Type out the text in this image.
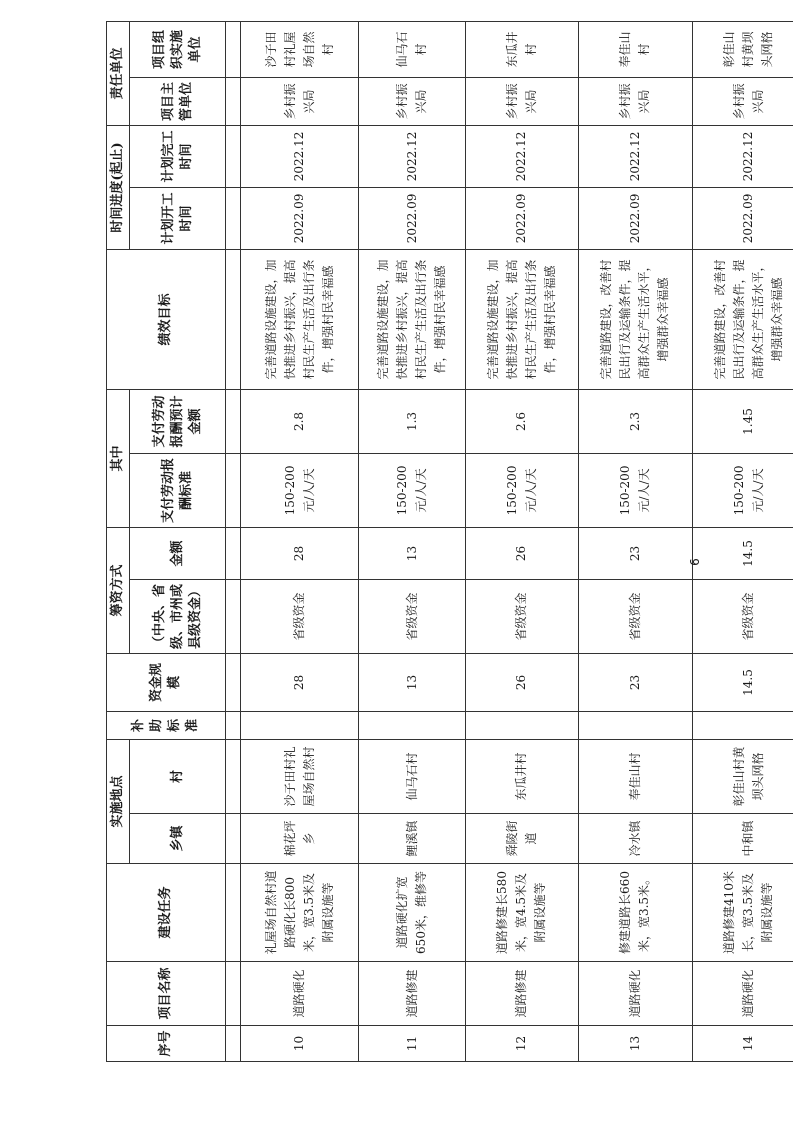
序号	项目名称	建设任务	实施地点		补助标准	资金规模	筹资方式		其中		绩效目标	时间进度(起止)		责任单位	
			乡镇	村			（中央、省级、市州或县级资金）	金额	支付劳动报酬标准	支付劳动报酬预计金额		计划开工时间	计划完工时间	项目主管单位	项目组织实施单位

10	道路硬化	礼屋场自然村道路硬化长800米，宽3.5米及附属设施等	棉花坪乡	沙子田村礼屋场自然村		28	省级资金	28	150-200元/人/天	2.8	完善道路设施建设，加快推进乡村振兴，提高村民生产生活及出行条件，增强村民幸福感	2022.09	2022.12	乡村振兴局	沙子田村礼屋场自然村
11	道路修建	道路硬化扩宽650米，维修等	鲤溪镇	仙马石村		13	省级资金	13	150-200元/人/天	1.3	完善道路设施建设，加快推进乡村振兴，提高村民生产生活及出行条件，增强村民幸福感	2022.09	2022.12	乡村振兴局	仙马石村
12	道路修建	道路修建长580米，宽4.5米及附属设施等	舜陵街道	东瓜井村		26	省级资金	26	150-200元/人/天	2.6	完善道路设施建设，加快推进乡村振兴，提高村民生产生活及出行条件，增强村民幸福感	2022.09	2022.12	乡村振兴局	东瓜井村
13	道路硬化	修建道路长660米，宽3.5米。	冷水镇	奉佳山村		23	省级资金	23	150-200元/人/天	2.3	完善道路建设，改善村民出行及运输条件，提高群众生产生活水平，增强群众幸福感	2022.09	2022.12	乡村振兴局	奉佳山村
14	道路硬化	道路修建410米长，宽3.5米及附属设施等	中和镇	彰佳山村黄坝头网格		14.5	省级资金	14.5	150-200元/人/天	1.45	完善道路建设，改善村民出行及运输条件，提高群众生产生活水平，增强群众幸福感	2022.09	2022.12	乡村振兴局	彰佳山村黄坝头网格
6
